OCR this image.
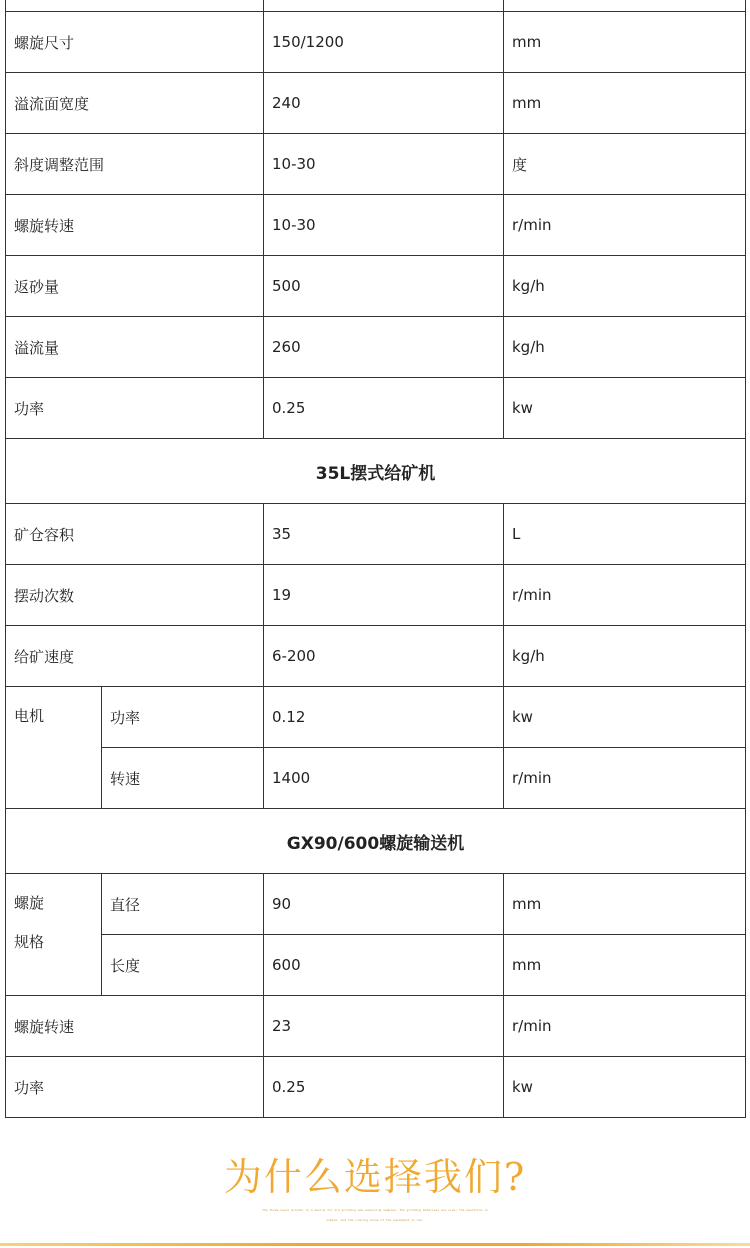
螺旋尺寸		150/1200	mm
溢流面宽度		240	mm
斜度调整范围		10-30	度
螺旋转速		10-30	r/min
返砂量		500	kg/h
溢流量		260	kg/h
功率		0.25	kw
35L摆式给矿机			
矿仓容积		35	L
摆动次数		19	r/min
给矿速度		6-200	kg/h
电机	功率	0.12	kw
	转速	1400	r/min
GX90/600螺旋输送机			
螺旋
规格	直径	90	mm
	长度	600	mm
螺旋转速		23	r/min
功率		0.25	kw
为什么选择我们?
The three-level grinder is a device for ore grinding and analyzing samples. The grinding materials are ores; the operation is
simple, and the running noise of the equipment is low.
